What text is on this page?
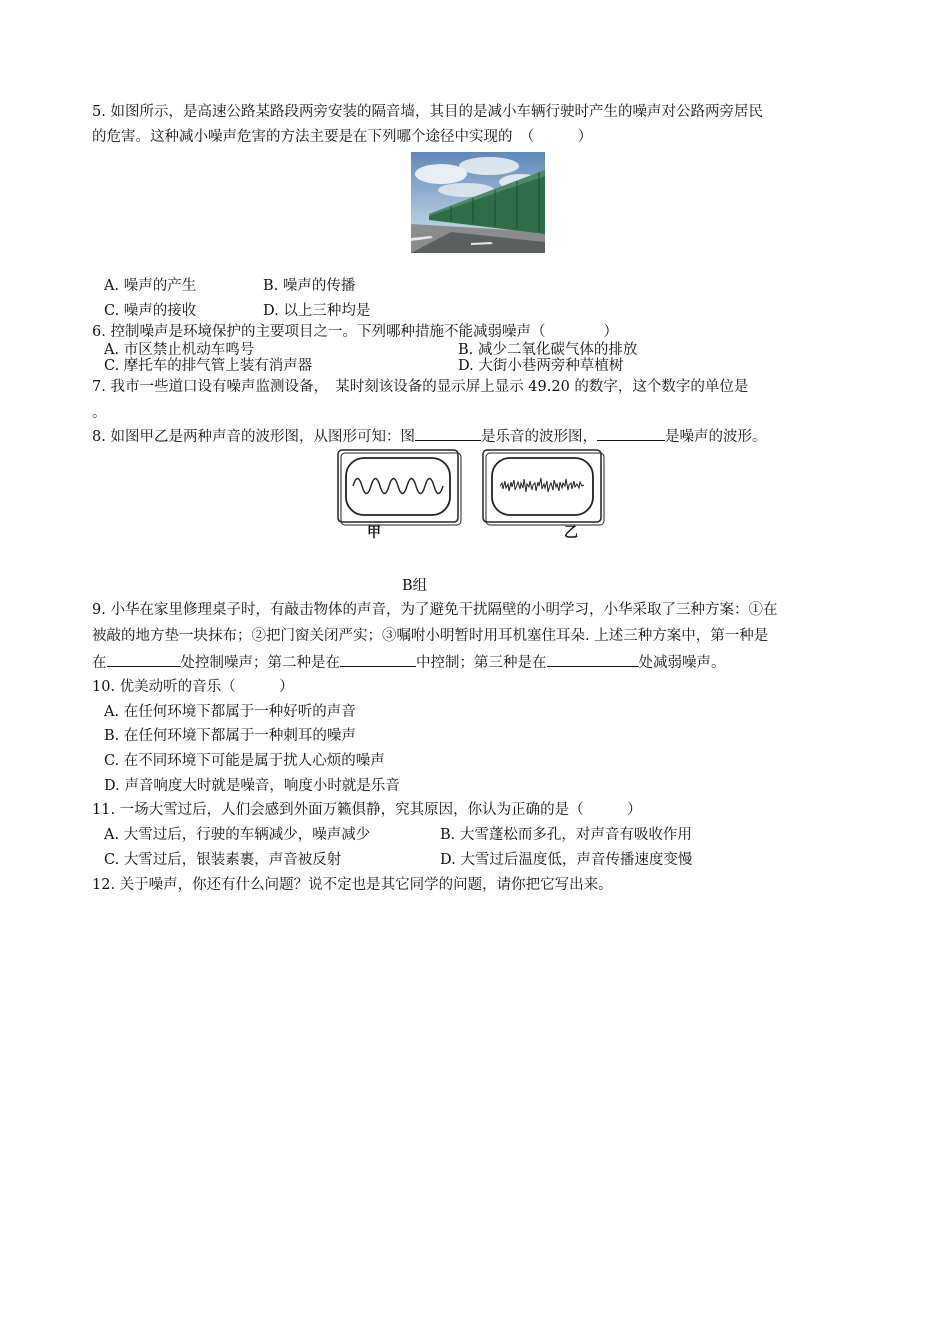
5. 如图所示，是高速公路某路段两旁安装的隔音墙，其目的是减小车辆行驶时产生的噪声对公路两旁居民
的危害。这种减小噪声危害的方法主要是在下列哪个途径中实现的　（　　　）
A. 噪声的产生	B. 噪声的传播
C. 噪声的接收	D. 以上三种均是
6. 控制噪声是环境保护的主要项目之一。下列哪种措施不能减弱噪声（　　　　）
A. 市区禁止机动车鸣号	B. 减少二氧化碳气体的排放
C. 摩托车的排气管上装有消声器	D. 大街小巷两旁种草植树
7. 我市一些道口设有噪声监测设备，　某时刻该设备的显示屏上显示 49.20 的数字，这个数字的单位是
。
8. 如图甲乙是两种声音的波形图，从图形可知：图	是乐音的波形图，	是噪声的波形。
甲	乙
B组
9. 小华在家里修理桌子时，有敲击物体的声音，为了避免干扰隔壁的小明学习，小华采取了三种方案：①在
被敲的地方垫一块抹布；②把门窗关闭严实；③嘱咐小明暂时用耳机塞住耳朵. 上述三种方案中，第一种是
在	处控制噪声；第二种是在	中控制；第三种是在	处减弱噪声。
10. 优美动听的音乐（　　　）
A. 在任何环境下都属于一种好听的声音
B. 在任何环境下都属于一种刺耳的噪声
C. 在不同环境下可能是属于扰人心烦的噪声
D. 声音响度大时就是噪音，响度小时就是乐音
11. 一场大雪过后，人们会感到外面万籁俱静，究其原因，你认为正确的是（　　　）
A. 大雪过后，行驶的车辆减少，噪声减少	B. 大雪蓬松而多孔，对声音有吸收作用
C. 大雪过后，银装素裹，声音被反射	D. 大雪过后温度低，声音传播速度变慢
12. 关于噪声，你还有什么问题？说不定也是其它同学的问题，请你把它写出来。
